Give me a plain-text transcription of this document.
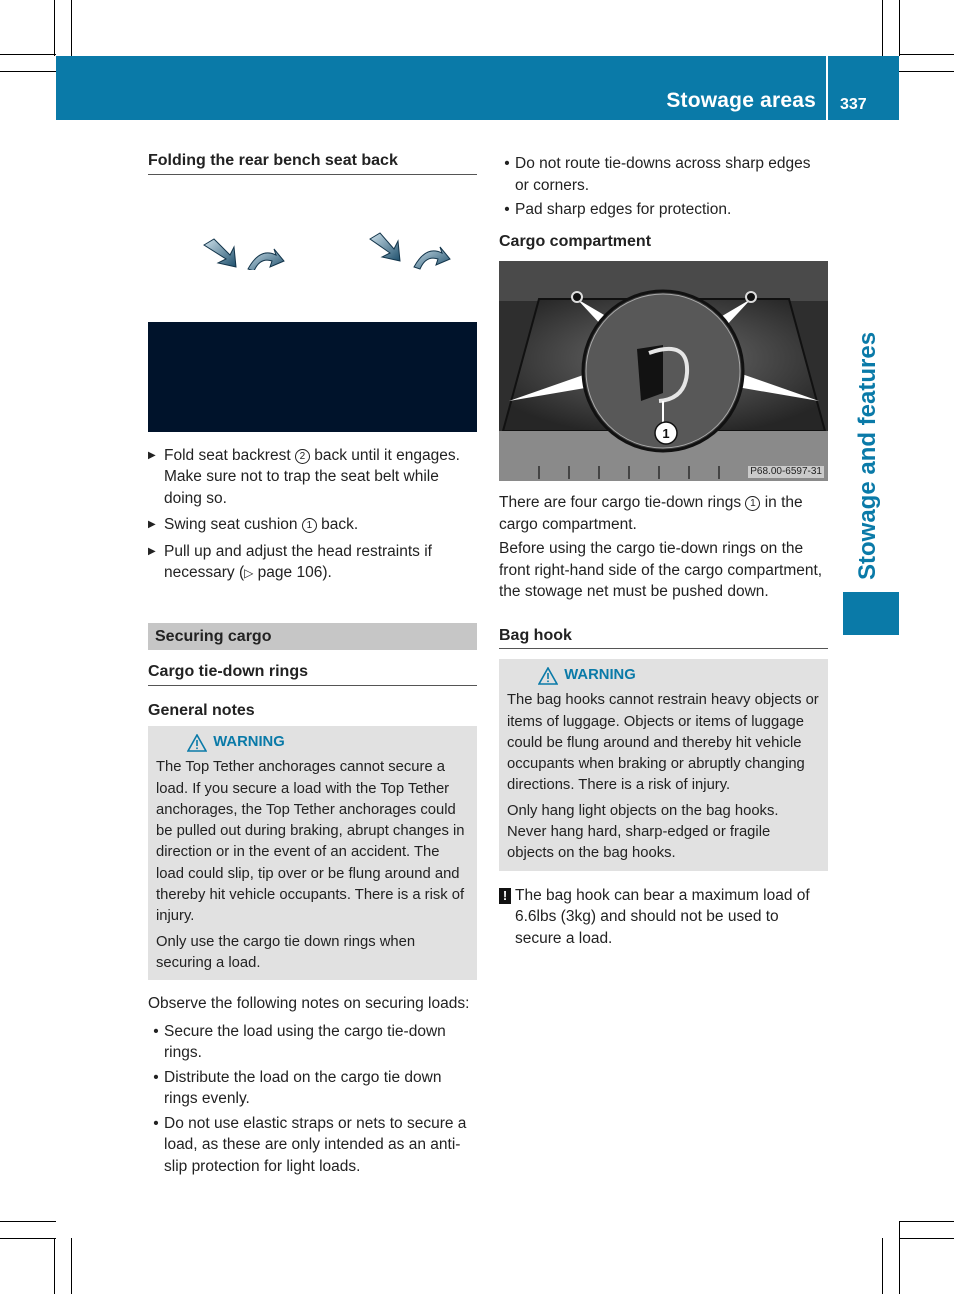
Stowage areas 337
Stowage and features
Folding the rear bench seat back
▶ Fold seat backrest 2 back until it engages. Make sure not to trap the seat belt while doing so.
▶ Swing seat cushion 1 back.
▶ Pull up and adjust the head restraints if necessary (▷ page 106).
Securing cargo
Cargo tie-down rings
General notes
WARNING

The Top Tether anchorages cannot secure a load. If you secure a load with the Top Tether anchorages, the Top Tether anchorages could be pulled out during braking, abrupt changes in direction or in the event of an accident. The load could slip, tip over or be flung around and thereby hit vehicle occupants. There is a risk of injury.

Only use the cargo tie down rings when securing a load.

Observe the following notes on securing loads:

• Secure the load using the cargo tie-down rings.
• Distribute the load on the cargo tie down rings evenly.
• Do not use elastic straps or nets to secure a load, as these are only intended as an anti-slip protection for light loads.
• Do not route tie-downs across sharp edges or corners.
• Pad sharp edges for protection.
Cargo compartment
1
P68.00-6597-31

There are four cargo tie-down rings 1 in the cargo compartment.

Before using the cargo tie-down rings on the front right-hand side of the cargo compartment, the stowage net must be pushed down.

Bag hook
WARNING

The bag hooks cannot restrain heavy objects or items of luggage. Objects or items of luggage could be flung around and thereby hit vehicle occupants when braking or abruptly changing directions. There is a risk of injury.

Only hang light objects on the bag hooks. Never hang hard, sharp-edged or fragile objects on the bag hooks.

! The bag hook can bear a maximum load of 6.6lbs (3kg) and should not be used to secure a load.
